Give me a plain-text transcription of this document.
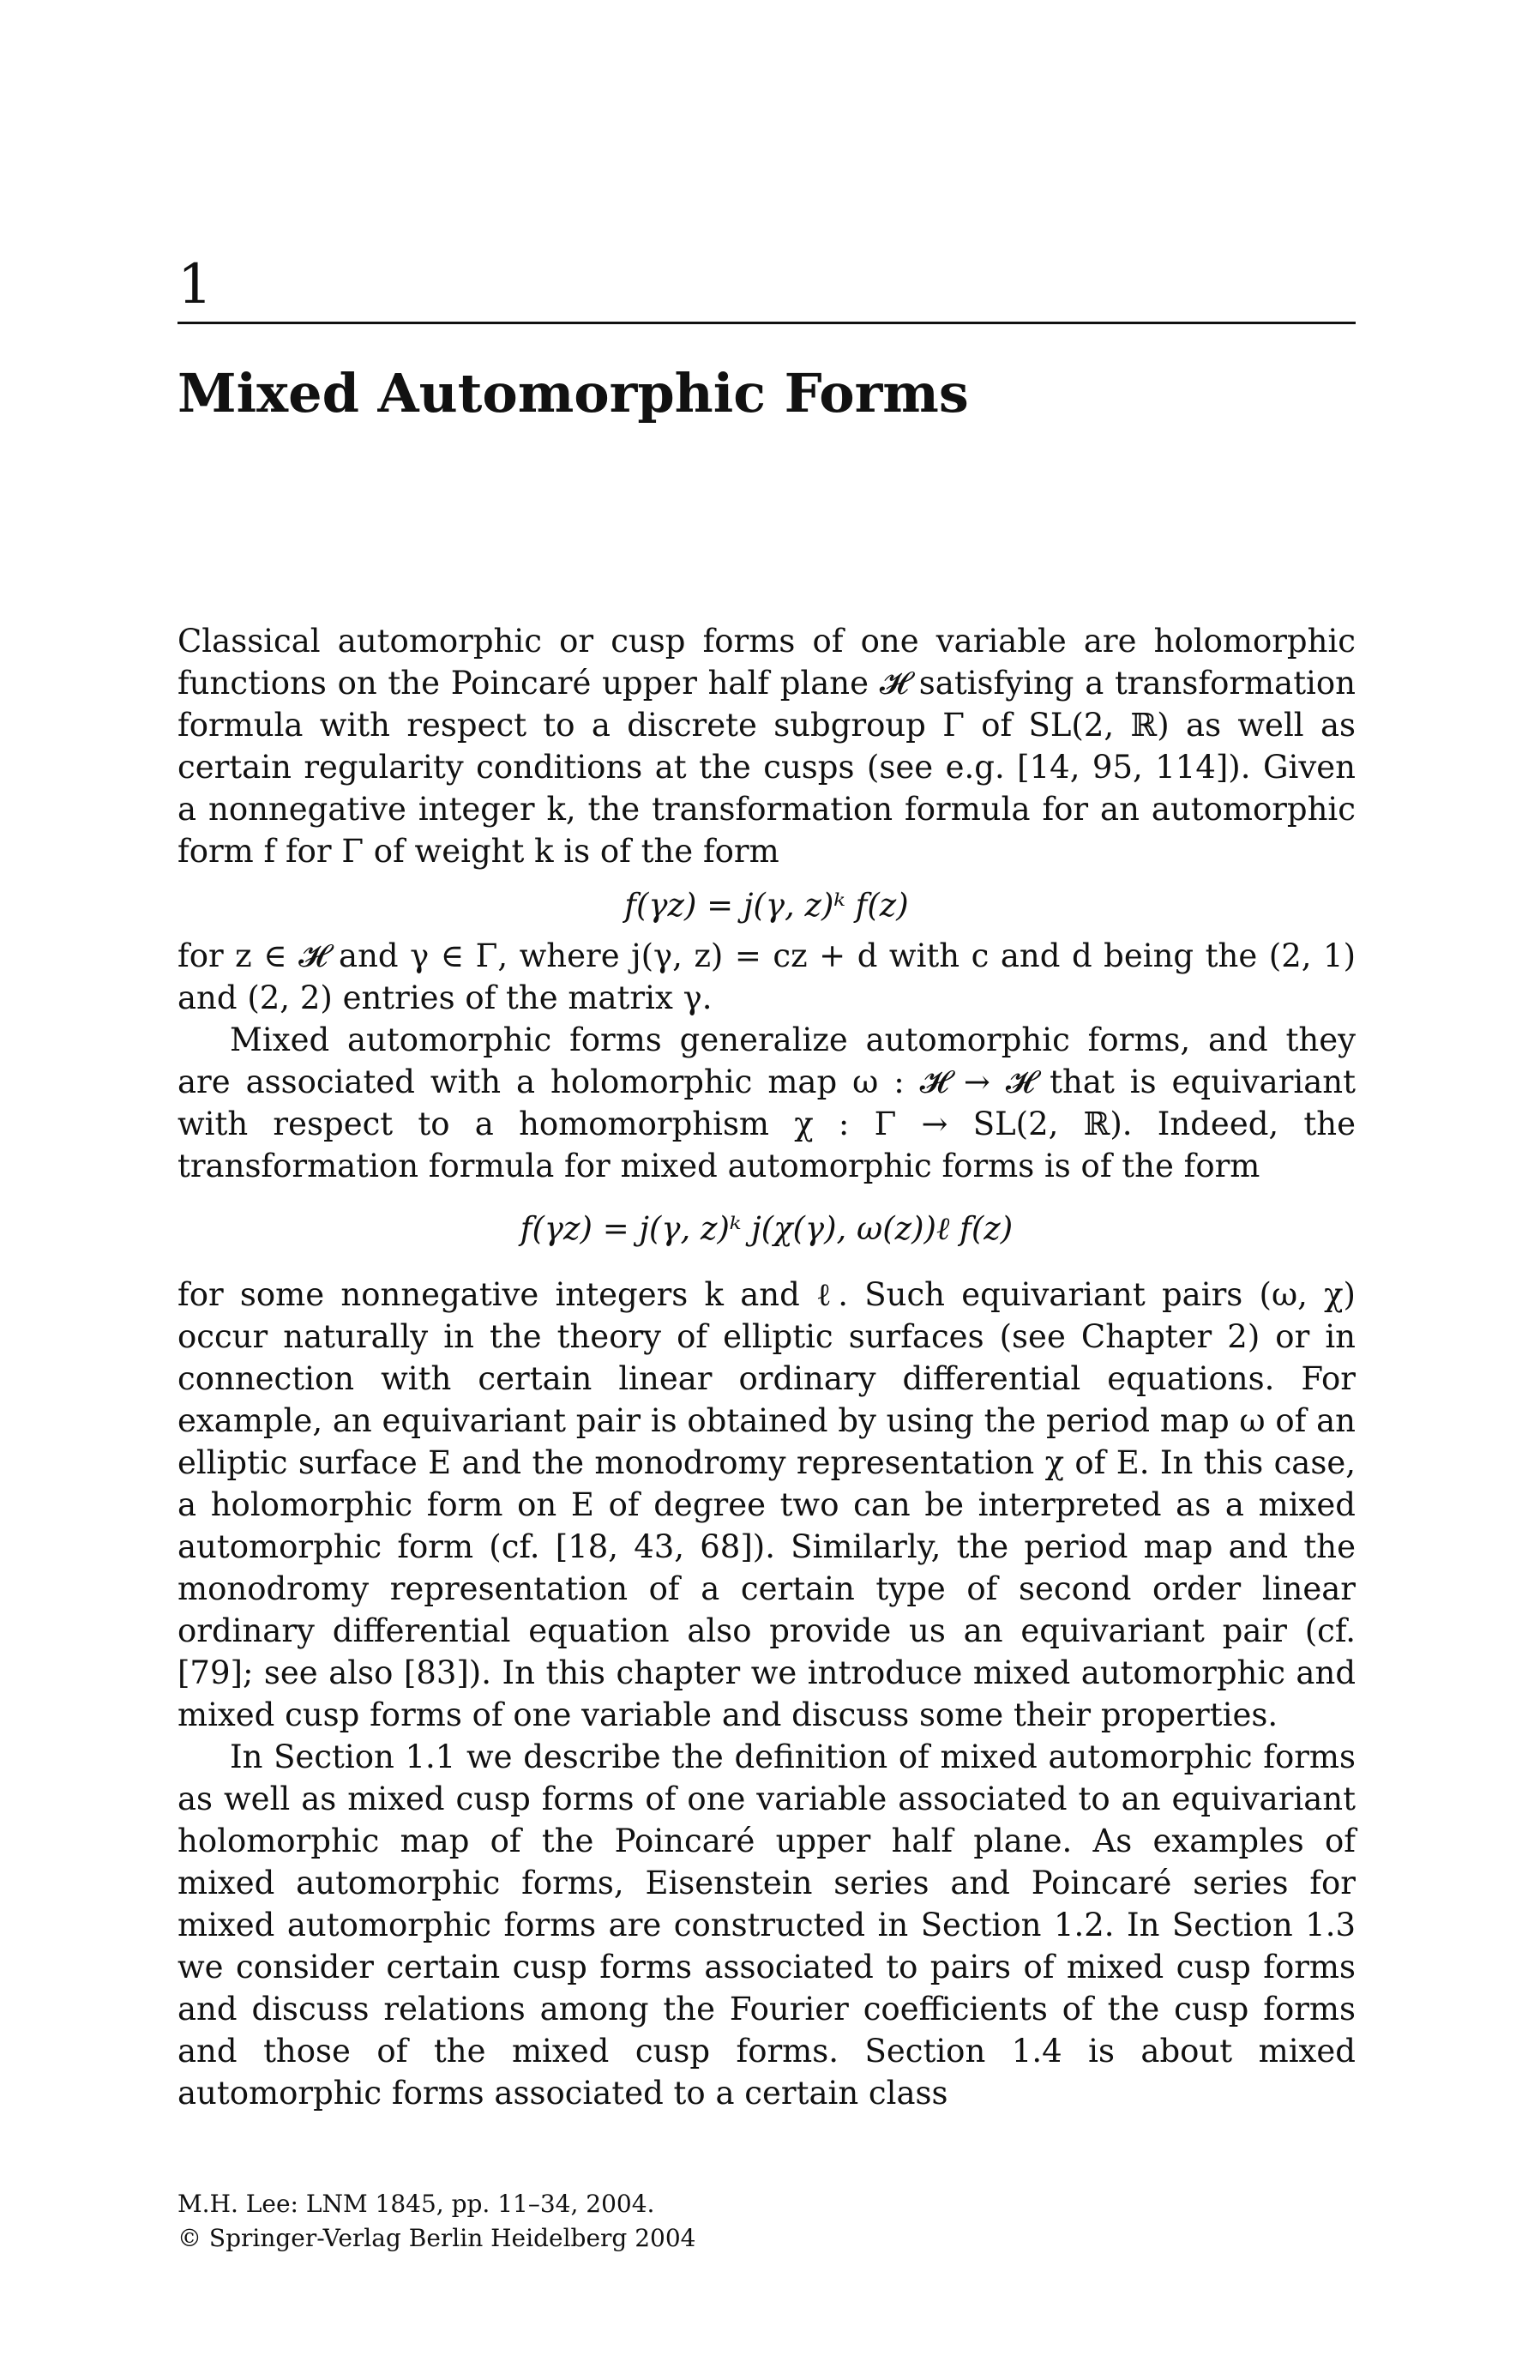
1
Mixed Automorphic Forms

Classical automorphic or cusp forms of one variable are holomorphic functions on the Poincaré upper half plane 𝓗 satisfying a transformation formula with respect to a discrete subgroup Γ of SL(2, ℝ) as well as certain regularity conditions at the cusps (see e.g. [14, 95, 114]). Given a nonnegative integer k, the transformation formula for an automorphic form f for Γ of weight k is of the form

f(γz) = j(γ, z)ᵏ f(z)

for z ∈ 𝓗 and γ ∈ Γ, where j(γ, z) = cz + d with c and d being the (2, 1) and (2, 2) entries of the matrix γ.

Mixed automorphic forms generalize automorphic forms, and they are associated with a holomorphic map ω : 𝓗 → 𝓗 that is equivariant with respect to a homomorphism χ : Γ → SL(2, ℝ). Indeed, the transformation formula for mixed automorphic forms is of the form

f(γz) = j(γ, z)ᵏ j(χ(γ), ω(z))ℓ f(z)

for some nonnegative integers k and ℓ. Such equivariant pairs (ω, χ) occur naturally in the theory of elliptic surfaces (see Chapter 2) or in connection with certain linear ordinary differential equations. For example, an equivariant pair is obtained by using the period map ω of an elliptic surface E and the monodromy representation χ of E. In this case, a holomorphic form on E of degree two can be interpreted as a mixed automorphic form (cf. [18, 43, 68]). Similarly, the period map and the monodromy representation of a certain type of second order linear ordinary differential equation also provide us an equivariant pair (cf. [79]; see also [83]). In this chapter we introduce mixed automorphic and mixed cusp forms of one variable and discuss some their properties.

In Section 1.1 we describe the definition of mixed automorphic forms as well as mixed cusp forms of one variable associated to an equivariant holomorphic map of the Poincaré upper half plane. As examples of mixed automorphic forms, Eisenstein series and Poincaré series for mixed automorphic forms are constructed in Section 1.2. In Section 1.3 we consider certain cusp forms associated to pairs of mixed cusp forms and discuss relations among the Fourier coefficients of the cusp forms and those of the mixed cusp forms. Section 1.4 is about mixed automorphic forms associated to a certain class

M.H. Lee: LNM 1845, pp. 11–34, 2004.
© Springer-Verlag Berlin Heidelberg 2004
